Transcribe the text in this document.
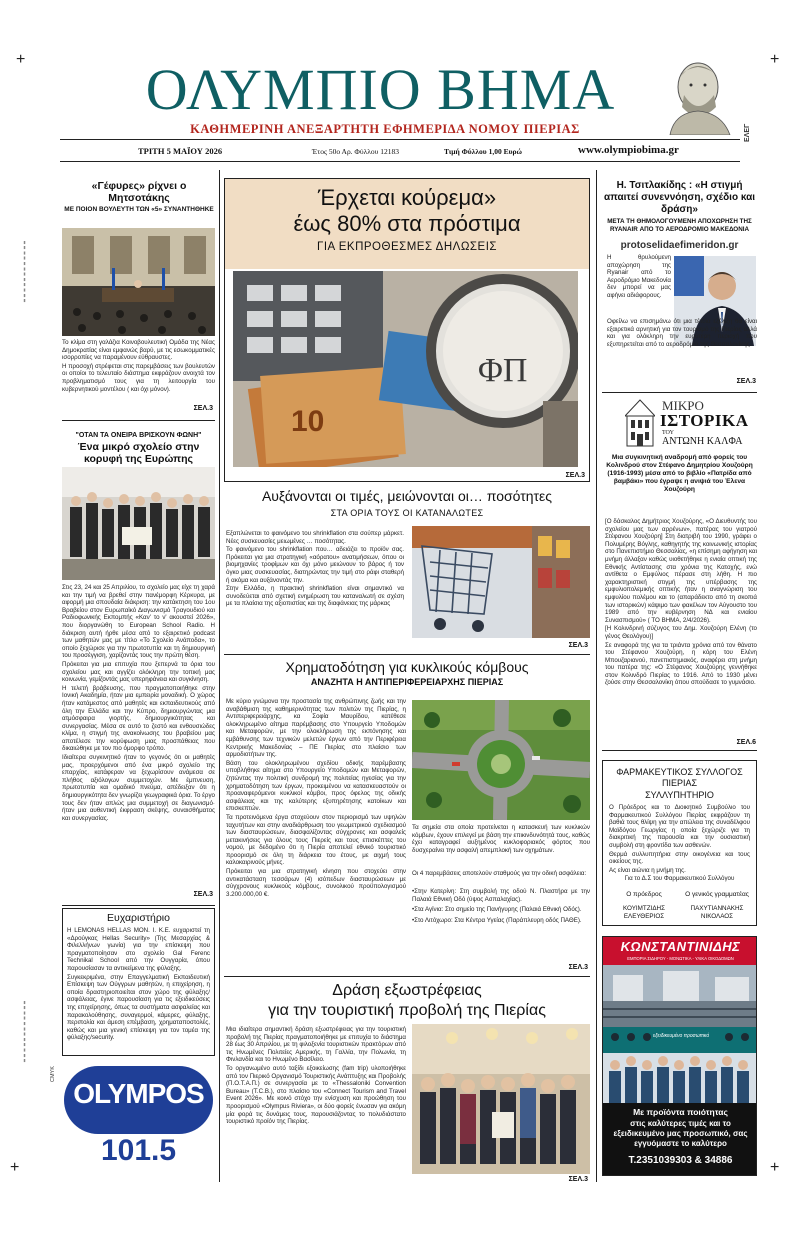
+	+
+	+
▮▮▮▮▮▮▮▮▮▮▮▮
▮▮▮▮▮▮▮▮▮▮▮▮
ΟΛΥΜΠΙΟ ΒΗΜΑ
ΚΑΘΗΜΕΡΙΝΗ ΑΝΕΞΑΡΤΗΤΗ ΕΦΗΜΕΡΙΔΑ ΝΟΜΟΥ ΠΙΕΡΙΑΣ	ΕΛΕΓ
ΤΡΙΤΗ 5 ΜΑΪΟΥ 2026	Έτος 50ο Αρ. Φύλλου 12183	Τιμή Φύλλου 1,00 Ευρώ	www.olympiobima.gr
«Γέφυρες» ρίχνει ο Μητσοτάκης
ΜΕ ΠΟΙΟΝ ΒΟΥΛΕΥΤΗ ΤΩΝ «5» ΣΥΝΑΝΤΗΘΗΚΕ

Το κλίμα στη γαλάζια Κοινοβουλευτική Ομάδα της Νέας Δημοκρατίας είναι εμφανώς βαρύ, με τις εσωκομματικές ισορροπίες να παραμένουν εύθραυστες.

Η προσοχή στρέφεται στις παρεμβάσεις των βουλευτών οι οποίοι το τελευταίο διάστημα εκφράζουν ανοιχτά τον προβληματισμό τους για τη λειτουργία του κυβερνητικού μοντέλου ( και όχι μόνον).

ΣΕΛ.3
"ΟΤΑΝ ΤΑ ΟΝΕΙΡΑ ΒΡΙΣΚΟΥΝ ΦΩΝΗ"
Ένα μικρό σχολείο στην κορυφή της Ευρώπης

Στις 23, 24 και 25 Απριλίου, το σχολείο μας είχε τη χαρά και την τιμή να βρεθεί στην πανέμορφη Κέρκυρα, με αφορμή μια σπουδαία διάκριση: την κατάκτηση του 1ου Βραβείου στον Ευρωπαϊκό Διαγωνισμό Τραγουδιού και Ραδιοφωνικής Εκπομπής «Καν' το ν' ακουστεί 2026», που διοργανώθη το European School Radio. Η διάκριση αυτή ήρθε μέσα από το εξαιρετικό podcast των μαθητών μας με τίτλο «Το Σχολείο Ανάποδα», το οποίο ξεχώρισε για την πρωτοτυπία και τη δημιουργική του προσέγγιση, χαρίζοντάς τους την πρώτη θέση.

Πρόκειται για μια επιτυχία που ξεπερνά τα όρια του σχολείου μας και αγγίζει ολόκληρη την τοπική μας κοινωνία, γεμίζοντάς μας υπερηφάνεια και συγκίνηση.

Η τελετή βράβευσης, που πραγματοποιήθηκε στην Ιονική Ακαδημία, ήταν μια εμπειρία μοναδική. Ο χώρος ήταν κατάμεστος από μαθητές και εκπαιδευτικούς από όλη την Ελλάδα και την Κύπρο, δημιουργώντας μια ατμόσφαιρα γιορτής, δημιουργικότητας και συνεργασίας. Μέσα σε αυτό το ζεστό και ενθουσιώδες κλίμα, η στιγμή της ανακοίνωσης του βραβείου μας αποτέλεσε την κορύφωση μιας προσπάθειας που δικαιώθηκε με τον πιο όμορφο τρόπο.

Ιδιαίτερα συγκινητικό ήταν το γεγονός ότι οι μαθητές μας, προερχόμενοι από ένα μικρό σχολείο της επαρχίας, κατάφεραν να ξεχωρίσουν ανάμεσα σε πλήθος αξιόλογων συμμετοχών. Με έμπνευση, πρωτοτυπία και ομαδικό πνεύμα, απέδειξαν ότι η δημιουργικότητα δεν γνωρίζει γεωγραφικά όρια. Το έργο τους δεν ήταν απλώς μια συμμετοχή σε διαγωνισμό· ήταν μια αυθεντική έκφραση σκέψης, συναισθήματος και συνεργασίας.

ΣΕΛ.3
Ευχαριστήριο

Η LEMONAS HELLAS ΜΟΝ. Ι. Κ.Ε. ευχαριστεί τη «Δρούγκας Hellas Security» (Της Μεσαρχίας & Φιλελλήνων γωνία) για την επίσκεψη που πραγματοποίησαν στο σχολείο Gal Ferenc Technikal School από την Ουγγαρία, όπου παρουσίασαν τα αντικείμενα της φύλαξης.

Συγκεκριμένα, στην Επαγγελματική Εκπαιδευτική Επίσκεψη των Ούγγρων μαθητών, η επιχείρηση, η οποία δραστηριοποιείται στον χώρο της φύλαξης/ασφάλειας, έγινε παρουσίαση για τις εξειδικεύσεις της επιχείρησης, όπως τα συστήματα ασφαλείας και παρακολούθησης, συναγερμοί, κάμερες, φύλαξης, περιπολία και άμεση επέμβαση, χρηματαποστολές, καθώς και μια γενική επίσκεψη για τον τομέα της φύλαξης/security.

CMYK
OLYMPOS
101.5
Έρχεται κούρεμα»
έως 80% στα πρόστιμα
ΓΙΑ ΕΚΠΡΟΘΕΣΜΕΣ ΔΗΛΩΣΕΙΣ
10
ΦΠ
ΣΕΛ.3
Αυξάνονται οι τιμές, μειώνονται οι… ποσότητες
ΣΤΑ ΟΡΙΑ ΤΟΥΣ ΟΙ ΚΑΤΑΝΑΛΩΤΕΣ

Εξαπλώνεται το φαινόμενο του shrinkflation στα σούπερ μάρκετ. Νέες συσκευασίες μειωμένες … ποσότητας.

Το φαινόμενο του shrinkflation που… αδειάζει το προϊόν σας. Πρόκειται για μια στρατηγική «αόρατου» ανατιμήσεων, όπου οι βιομηχανίες τροφίμων και όχι μόνο μειώνουν το βάρος ή τον όγκο μιας συσκευασίας, διατηρώντας την τιμή στο ράφι σταθερή ή ακόμα και αυξάνοντάς την.

Στην Ελλάδα, η πρακτική shrinkflation είναι σημαντικό να συνοδεύεται από σχετική ενημέρωση του καταναλωτή σε σχέση με τα πλαίσια της αξιοπιστίας και της διαφάνειας της μάρκας

ΣΕΛ.3
Χρηματοδότηση για κυκλικούς κόμβους
ΑΝΑΖΗΤΑ Η ΑΝΤΙΠΕΡΙΦΕΡΕΙΑΡΧΗΣ ΠΙΕΡΙΑΣ

Με κύριο γνώμονα την προστασία της ανθρώπινης ζωής και την αναβάθμιση της καθημερινότητας των πολιτών της Πιερίας, η Αντιπεριφερειάρχης, κα Σοφία Μαυρίδου, κατέθεσε ολοκληρωμένο αίτημα παρέμβασης στο Υπουργείο Υποδομών και Μεταφορών, με την ολοκλήρωση της εκπόνησης και εμβάθυνσης των τεχνικών μελετών έργων από την Περιφέρεια Κεντρικής Μακεδονίας – ΠΕ Πιερίας στο πλαίσιο των αρμοδιοτήτων της.

Βάση του ολοκληρωμένου σχεδίου οδικής παρέμβασης υποβλήθηκε αίτημα στο Υπουργείο Υποδομών και Μεταφορών, ζητώντας την πολιτική συνδρομή της πολιτείας ηγεσίας για την χρηματοδότηση των έργων, προκειμένου να κατασκευαστούν οι προαναφερόμενοι κυκλικοί κόμβοι, προς όφελος της οδικής ασφάλειας και της καλύτερης εξυπηρέτησης κατοίκων και επισκεπτών.

Τα προτεινόμενα έργα στοχεύουν στον περιορισμό των υψηλών ταχυτήτων και στην αναδιάρθρωση του γεωμετρικού σχεδιασμού των διασταυρώσεων, διασφαλίζοντας σύγχρονες και ασφαλείς μετακινήσεις για όλους τους Πιερείς και τους επισκέπτες του νομού, με δεδομένο ότι η Πιερία αποτελεί εθνικό τουριστικό προορισμό σε όλη τη διάρκεια του έτους, με αιχμή τους καλοκαιρινούς μήνες.

Πρόκειται για μια στρατηγική κίνηση που στοχεύει στην αντικατάσταση τεσσάρων (4) ισόπεδων διασταυρώσεων με σύγχρονους κυκλικούς κόμβους, συνολικού προϋπολογισμού 3.200.000,00 €.

Τα σημεία στα οποία προτείνεται η κατασκευή των κυκλικών κόμβων, έχουν επιλεγεί με βάση την επικινδυνότητά τους, καθώς έχει καταγραφεί αυξημένος κυκλοφοριακός φόρτος που δυσχεραίνει την ασφαλή απεμπλοκή των οχημάτων.
Οι 4 παρεμβάσεις αποτελούν σταθμούς για την οδική ασφάλεια:

•Στην Κατερίνη: Στη συμβολή της οδού Ν. Πλαστήρα με την Παλαιά Εθνική Οδό (ύψος Ασπαλαχίας).

•Στα Αγίνια: Στο σημείο της Πανήγυρης (Παλαιά Εθνική Οδός).

•Στο Λιτόχωρο: Στα Κέντρα Υγείας (Παράπλευρη οδός ΠΑΘΕ).

ΣΕΛ.3
Δράση εξωστρέφειας
για την τουριστική προβολή της Πιερίας

Μια ιδιαίτερα σημαντική δράση εξωστρέφειας για την τουριστική προβολή της Πιερίας πραγματοποιήθηκε με επιτυχία το διάστημα 28 έως 30 Απριλίου, με τη φιλοξενία τουριστικών πρακτόρων από τις Ηνωμένες Πολιτείες Αμερικής, τη Γαλλία, την Πολωνία, τη Φινλανδία και το Ηνωμένο Βασίλειο.

Το οργανωμένο αυτό ταξίδι εξοικείωσης (fam trip) υλοποιήθηκε από τον Πιερικό Οργανισμό Τουριστικής Ανάπτυξης και Προβολής (Π.Ο.Τ.Α.Π.) σε συνεργασία με το «Thessaloniki Convention Bureau» (T.C.B.), στο πλαίσιο του «Connect Tourism and Travel Event 2026». Με κοινό στόχο την ενίσχυση και προώθηση του προορισμού «Olympus Riviera», οι δύο φορείς ένωσαν για ακόμη μία φορά τις δυνάμεις τους, παρουσιάζοντας το πολυδιάστατο τουριστικό προϊόν της Πιερίας.

ΣΕΛ.3
Η. Τσιτλακίδης : «Η στιγμή απαιτεί συνεννόηση, σχέδιο και δράση»
ΜΕΤΑ ΤΗ ΘΗΜΟΛΟΓΟΥΜΕΝΗ ΑΠΟΧΩΡΗΣΗ ΤΗΣ RYANAIR ΑΠΟ ΤΟ ΑΕΡΟΔΡΟΜΙΟ ΜΑΚΕΔΟΝΙΑ
protoselidaefimeridon.gr
Η θρυλούμενη αποχώρηση της Ryanair από το Αεροδρόμιο Μακεδονία δεν μπορεί να μας αφήνει αδιάφορους.
Οφείλω να επισημάνω ότι μια τέτοια εξέλιξη θα είναι εξαιρετικά αρνητική για τον τουρισμό της Πιερίας αλλά και για ολόκληρη την ευρύτερη περιοχή που εξυπηρετείται από το αεροδρόμιο της Θεσσαλονίκης.
ΣΕΛ.3
ΜΙΚΡΟ
ΙΣΤΟΡΙΚΑ
ΤΟΥ
ΑΝΤΩΝΗ ΚΑΛΦΑ
Μια συγκινητική αναδρομή από φορείς του Κολινδρού στον Στέφανο Δημητρίου Χουζούρη (1916-1993) μέσα από το βιβλίο «Πατρίδα από βαμβάκι» που έγραψε η ανιψιά του Έλενα Χουζούρη

[Ο δάσκαλος Δημήτριος Χουζούρης, «Ο Διευθυντής του σχολείου μας των αρρένων», πατέρας του γιατρού Στέφανου Χουζούρη] Στη διατριβή του 1990, γράφει ο Πολυμέρης Βόγλης, καθηγητής της κοινωνικής ιστορίας στο Πανεπιστήμιο Θεσσαλίας, «η επίσημη αφήγηση και μνήμη άλλαξαν καθώς υιοθετήθηκε η ενιαία οπτική της Εθνικής Αντίστασης στα χρόνια της Κατοχής, ενώ αντίθετα ο Εμφύλιος πέρασε στη λήθη. Η πιο χαρακτηριστική στιγμή της υπέρβασης της εμφυλιοπολεμικής οπτικής ήταν η αναγνώριση του εμφυλίου πολέμου και το (απαράδεκτο από τη σκοπιά των ιστορικών) κάψιμο των φακέλων τον Αύγουστο του 1989 από την κυβέρνηση ΝΔ και ενιαίου Συνασπισμού» ( ΤΟ ΒΗΜΑ, 2/4/2026).

[Η Κολινδρινή σύζυγος του Δημ. Χουζούρη Ελένη (το γένος Θεολόγου)]

Σε αναφορά της για τα τριάντα χρόνια από τον θάνατο του Στέφανου Χουζούρη, η κόρη του Ελένη Μπουζαριανού, πανεπιστημιακός, αναφέρει στη μνήμη του πατέρα της: «Ο Στέφανος Χουζούρης γεννήθηκε στον Κολινδρό Πιερίας το 1916. Από το 1930 μένει ζούσε στην Θεσσαλονίκη όπου σπούδασε το γυμνάσιο.

ΣΕΛ.6
ΦΑΡΜΑΚΕΥΤΙΚΟΣ ΣΥΛΛΟΓΟΣ ΠΙΕΡΙΑΣ
ΣΥΛΛΥΠΗΤΗΡΙΟ

Ο Πρόεδρος και το Διοικητικό Συμβούλιο του Φαρμακευτικού Συλλόγου Πιερίας εκφράζουν τη βαθιά τους θλίψη για την απώλεια της συναδέλφου Μαϊδόγου Γεωργίας η οποία ξεχώριζε για τη διακριτική της παρουσία και την ουσιαστική συμβολή στη φροντίδα των ασθενών.

Θερμά συλλυπητήρια στην οικογένεια και τους οικείους της.

Ας είναι αιώνια η μνήμη της.

Για το Δ.Σ του Φαρμακευτικού Συλλόγου

Ο πρόεδρος	Ο γενικός γραμματέας
ΚΟΥΙΜΤΖΙΔΗΣ ΕΛΕΥΘΕΡΙΟΣ
ΠΑΧΥΤΙΑΝΝΑΚΗΣ ΝΙΚΟΛΑΟΣ
ΚΩΝΣΤΑΝΤΙΝΙΔΗΣ
ΕΜΠΟΡΙΑ ΣΙΔΗΡΟΥ - ΜΟΝΩΤΙΚΑ - ΥΛΙΚΑ ΟΙΚΟΔΟΜΩΝ
εξειδικευμένο προσωπικό
Με προϊόντα ποιότητας
στις καλύτερες τιμές και το εξειδικευμένο μας προσωπικό, σας εγγυόμαστε το καλύτερο
T.2351039303 & 34886
